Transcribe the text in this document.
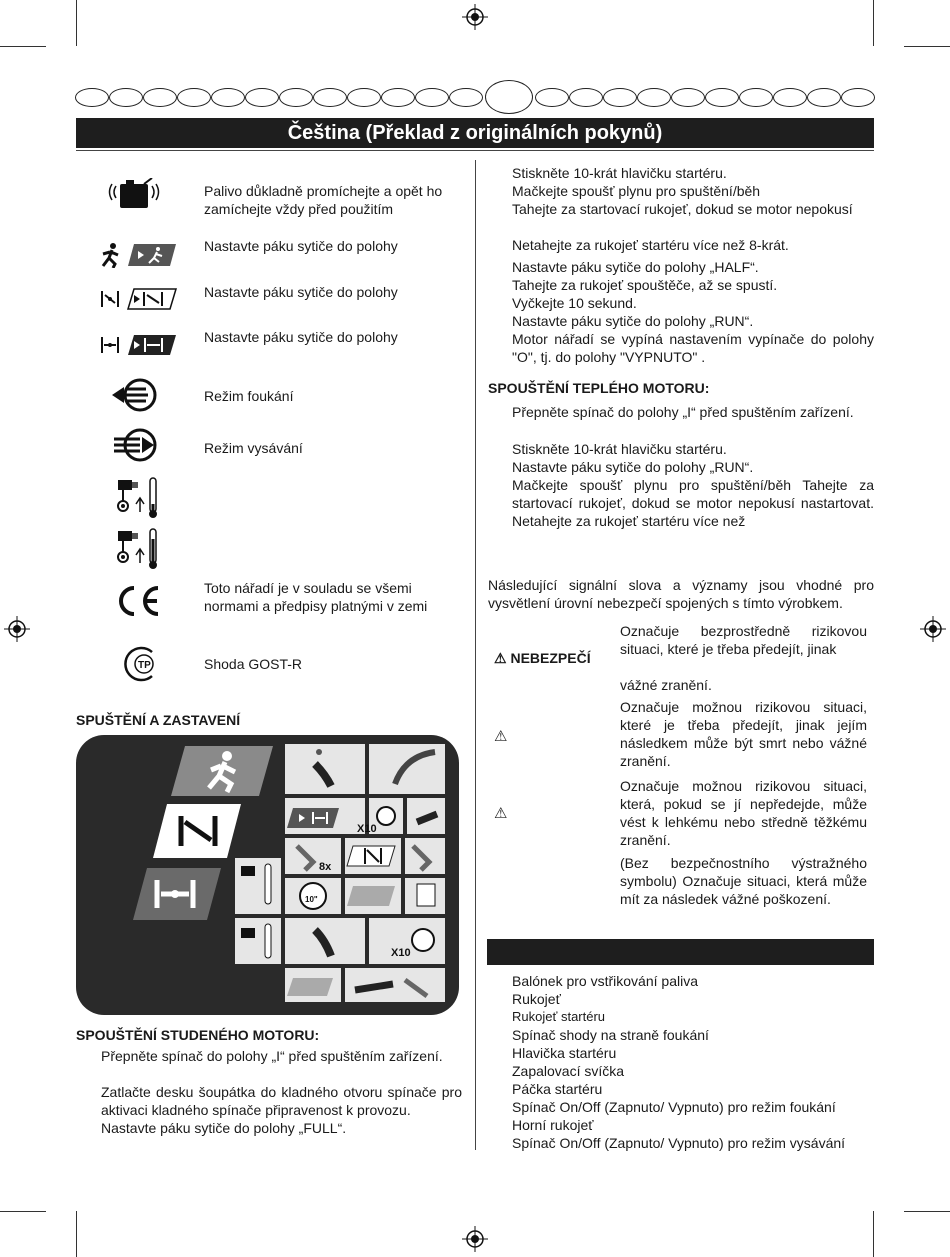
Čeština (Překlad z originálních pokynů)
Palivo důkladně promíchejte a opět ho zamíchejte vždy před použitím
Nastavte páku sytiče do polohy
Nastavte páku sytiče do polohy
Nastavte páku sytiče do polohy
Režim foukání
Režim vysávání
Toto nářadí je v souladu se všemi normami a předpisy platnými v zemi
TP	Shoda GOST-R
SPUŠTĚNÍ A ZASTAVENÍ
X10
8x
10"
X10
SPOUŠTĚNÍ STUDENÉHO MOTORU:
Přepněte spínač do polohy „I“ před spuštěním zařízení.
Zatlačte desku šoupátka do kladného otvoru spínače pro aktivaci kladného spínače připravenost k provozu.
Nastavte páku sytiče do polohy „FULL“.
Stiskněte 10-krát hlavičku startéru.
Mačkejte spoušť plynu pro spuštění/běh
Tahejte za startovací rukojeť, dokud se motor nepokusí
Netahejte za rukojeť startéru více než 8-krát.
Nastavte páku sytiče do polohy „HALF“.
Tahejte za rukojeť spouštěče, až se spustí.
Vyčkejte 10 sekund.
Nastavte páku sytiče do polohy „RUN“.
Motor nářadí se vypíná nastavením vypínače do polohy "O", tj. do polohy "VYPNUTO" .
SPOUŠTĚNÍ TEPLÉHO MOTORU:
Přepněte spínač do polohy „I“ před spuštěním zařízení.
Stiskněte 10-krát hlavičku startéru.
Nastavte páku sytiče do polohy „RUN“.
Mačkejte spoušť plynu pro spuštění/běh Tahejte za startovací rukojeť, dokud se motor nepokusí nastartovat. Netahejte za rukojeť startéru více než
Následující signální slova a významy jsou vhodné pro vysvětlení úrovní nebezpečí spojených s tímto výrobkem.
⚠ NEBEZPEČÍ
Označuje bezprostředně rizikovou situaci, které je třeba předejít, jinak
vážné zranění.
⚠
Označuje možnou rizikovou situaci, které je třeba předejít, jinak jejím následkem může být smrt nebo vážné zranění.
⚠
Označuje možnou rizikovou situaci, která, pokud se jí nepředejde, může vést k lehkému nebo středně těžkému zranění.
(Bez bezpečnostního výstražného symbolu) Označuje situaci, která může mít za následek vážné poškození.
Balónek pro vstřikování paliva
Rukojeť
Rukojeť startéru
Spínač shody na straně foukání
Hlavička startéru
Zapalovací svíčka
Páčka startéru
Spínač On/Off (Zapnuto/ Vypnuto) pro režim foukání
Horní rukojeť
Spínač On/Off (Zapnuto/ Vypnuto) pro režim vysávání
